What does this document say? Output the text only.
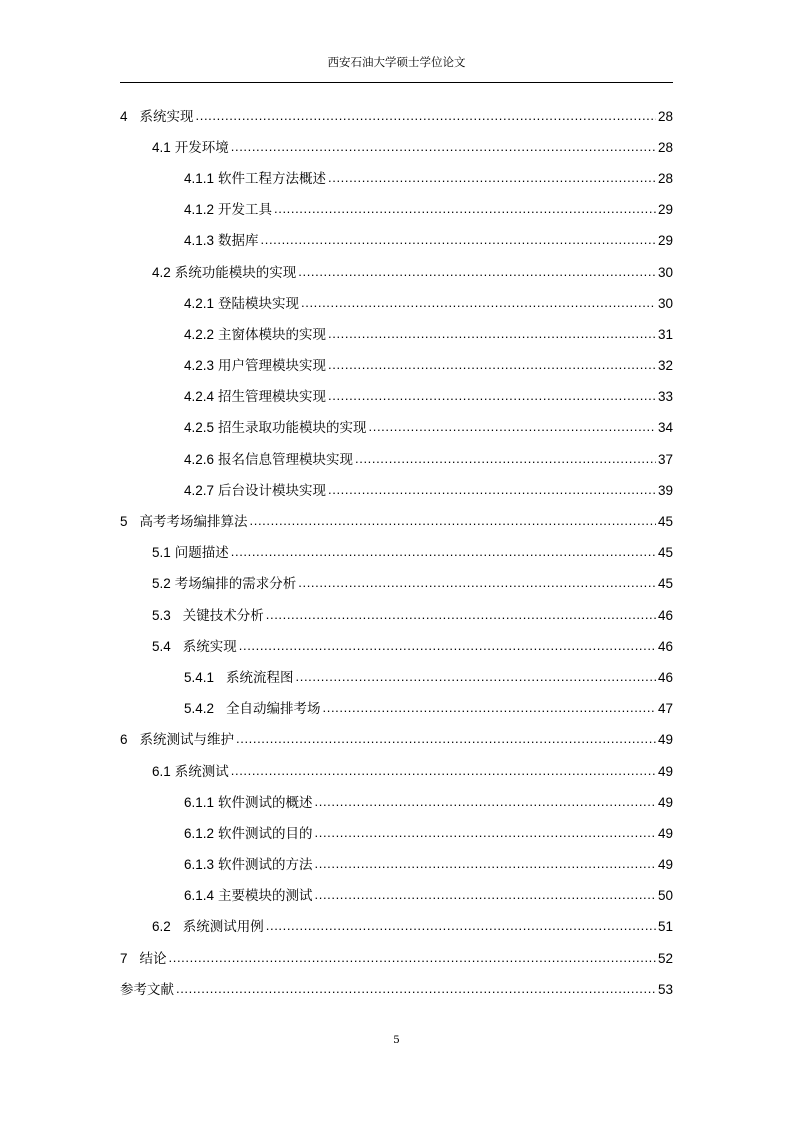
西安石油大学硕士学位论文
4 系统实现 .....	28
4.1 开发环境 .....	28
4.1.1 软件工程方法概述 .....	28
4.1.2 开发工具 .....	29
4.1.3 数据库 .....	29
4.2 系统功能模块的实现 .....	30
4.2.1 登陆模块实现 .....	30
4.2.2 主窗体模块的实现 .....	31
4.2.3 用户管理模块实现 .....	32
4.2.4 招生管理模块实现 .....	33
4.2.5 招生录取功能模块的实现 .....	34
4.2.6 报名信息管理模块实现 .....	37
4.2.7 后台设计模块实现 .....	39
5 高考考场编排算法 .....	45
5.1 问题描述 .....	45
5.2 考场编排的需求分析 .....	45
5.3 关键技术分析 .....	46
5.4 系统实现 .....	46
5.4.1 系统流程图 .....	46
5.4.2 全自动编排考场 .....	47
6 系统测试与维护 .....	49
6.1 系统测试 .....	49
6.1.1 软件测试的概述 .....	49
6.1.2 软件测试的目的 .....	49
6.1.3 软件测试的方法 .....	49
6.1.4 主要模块的测试 .....	50
6.2 系统测试用例 .....	51
7 结论 .....	52
参考文献 .....	53
5
